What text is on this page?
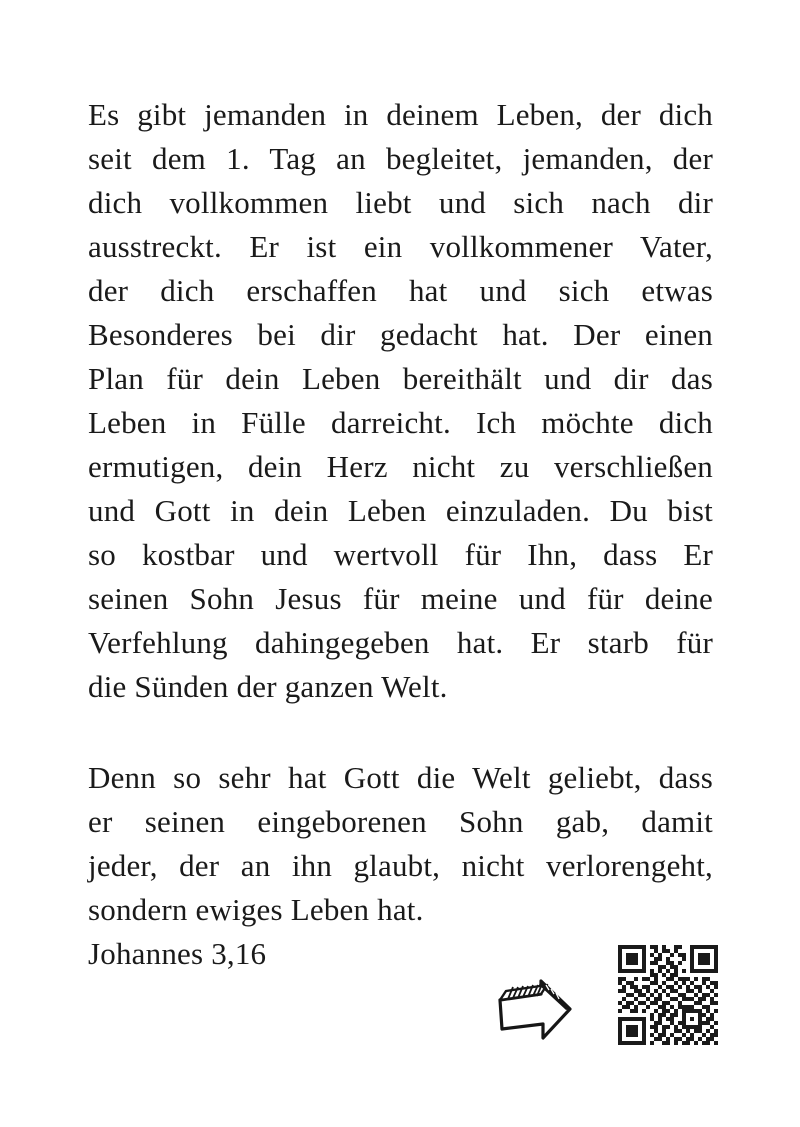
Es gibt jemanden in deinem Leben, der dich
seit dem 1. Tag an begleitet, jemanden, der
dich vollkommen liebt und sich nach dir
ausstreckt. Er ist ein vollkommener Vater,
der dich erschaffen hat und sich etwas
Besonderes bei dir gedacht hat. Der einen
Plan für dein Leben bereithält und dir das
Leben in Fülle darreicht. Ich möchte dich
ermutigen, dein Herz nicht zu verschließen
und Gott in dein Leben einzuladen. Du bist
so kostbar und wertvoll für Ihn, dass Er
seinen Sohn Jesus für meine und für deine
Verfehlung dahingegeben hat. Er starb für
die Sünden der ganzen Welt.
Denn so sehr hat Gott die Welt geliebt, dass
er seinen eingeborenen Sohn gab, damit
jeder, der an ihn glaubt, nicht verlorengeht,
sondern ewiges Leben hat.
Johannes 3,16
